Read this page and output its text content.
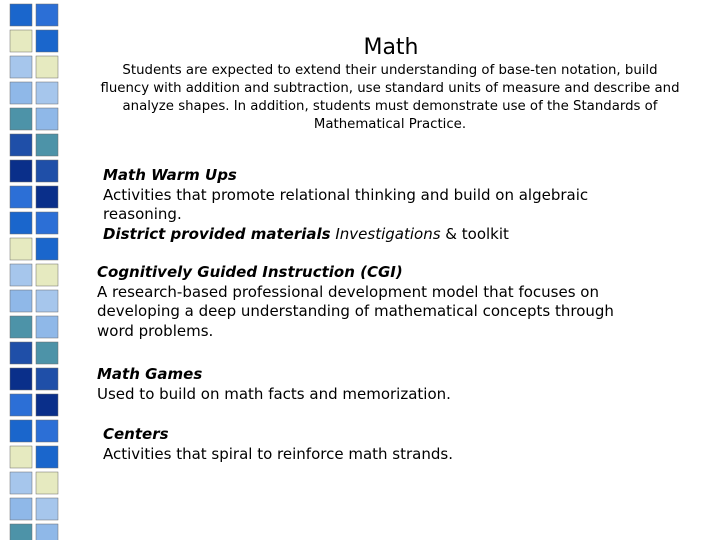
Math
Students are expected to extend their understanding of base-ten notation, build fluency with addition and subtraction, use standard units of measure and describe and analyze shapes. In addition, students must demonstrate use of the Standards of Mathematical Practice.
Math Warm Ups
Activities that promote relational thinking and build on algebraic reasoning.
District provided materials Investigations & toolkit
Cognitively Guided Instruction (CGI)
A research-based professional development model that focuses on developing a deep understanding of mathematical concepts through word problems.
Math Games
Used to build on math facts and memorization.
Centers
Activities that spiral to reinforce math strands.
